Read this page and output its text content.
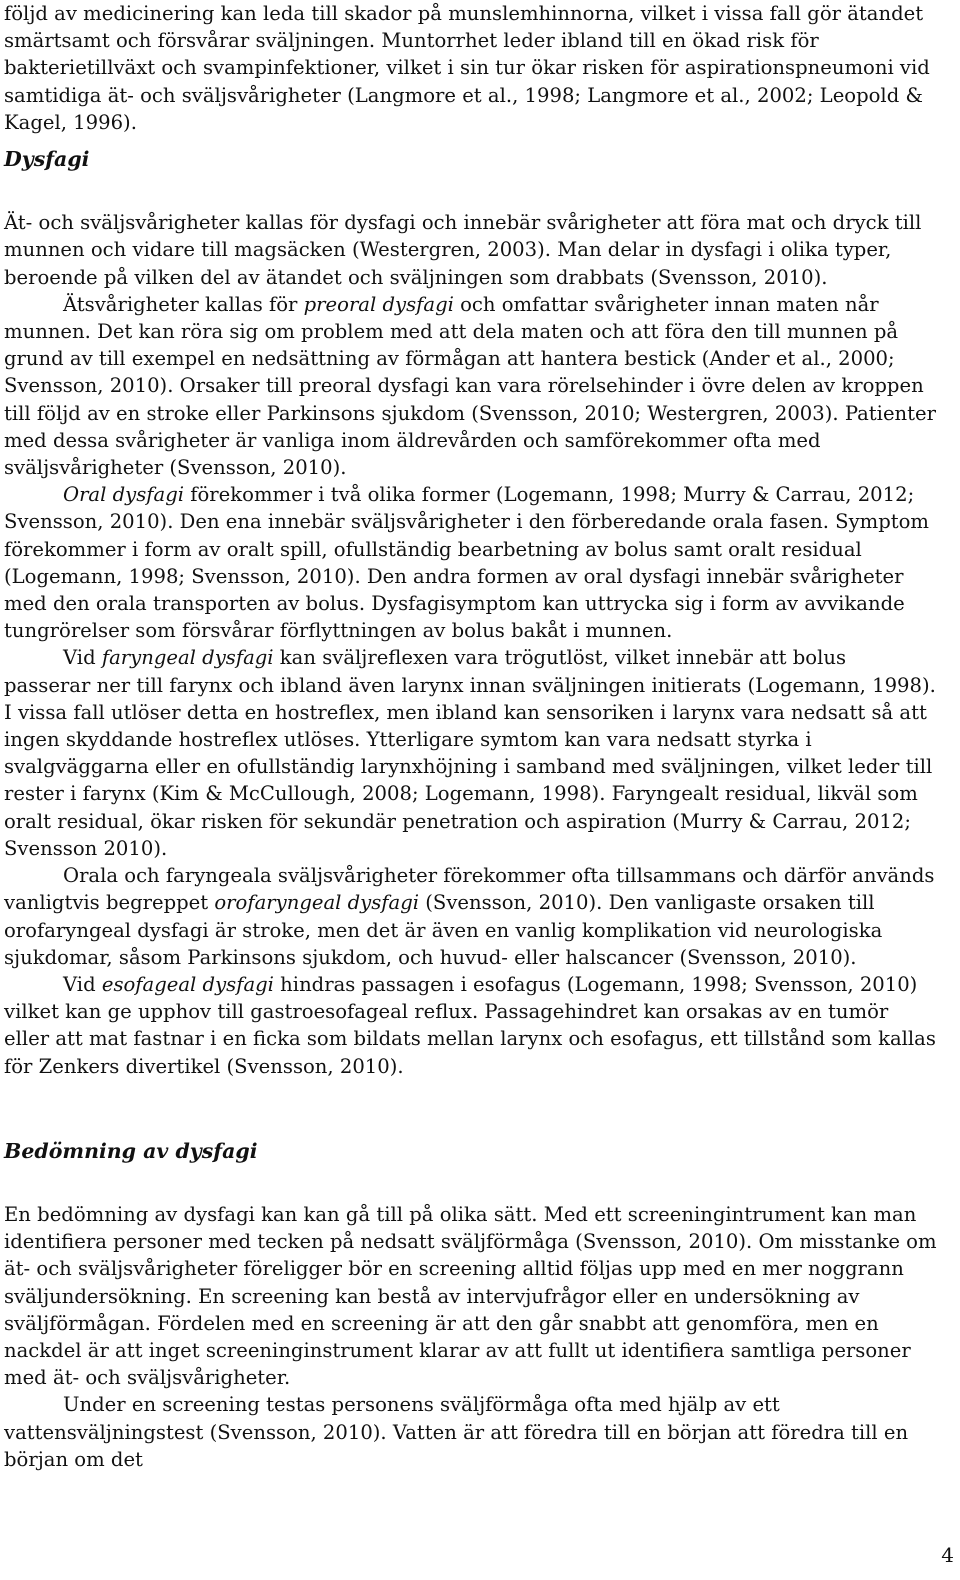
följd av medicinering kan leda till skador på munslemhinnorna, vilket i vissa fall gör ätandet smärtsamt och försvårar sväljningen. Muntorrhet leder ibland till en ökad risk för bakterietillväxt och svampinfektioner, vilket i sin tur ökar risken för aspirationspneumoni vid samtidiga ät- och sväljsvårigheter (Langmore et al., 1998; Langmore et al., 2002; Leopold & Kagel, 1996).

Dysfagi

Ät- och sväljsvårigheter kallas för dysfagi och innebär svårigheter att föra mat och dryck till munnen och vidare till magsäcken (Westergren, 2003). Man delar in dysfagi i olika typer, beroende på vilken del av ätandet och sväljningen som drabbats (Svensson, 2010).

Ätsvårigheter kallas för preoral dysfagi och omfattar svårigheter innan maten når munnen. Det kan röra sig om problem med att dela maten och att föra den till munnen på grund av till exempel en nedsättning av förmågan att hantera bestick (Ander et al., 2000; Svensson, 2010). Orsaker till preoral dysfagi kan vara rörelsehinder i övre delen av kroppen till följd av en stroke eller Parkinsons sjukdom (Svensson, 2010; Westergren, 2003). Patienter med dessa svårigheter är vanliga inom äldrevården och samförekommer ofta med sväljsvårigheter (Svensson, 2010).

Oral dysfagi förekommer i två olika former (Logemann, 1998; Murry & Carrau, 2012; Svensson, 2010). Den ena innebär sväljsvårigheter i den förberedande orala fasen. Symptom förekommer i form av oralt spill, ofullständig bearbetning av bolus samt oralt residual (Logemann, 1998; Svensson, 2010). Den andra formen av oral dysfagi innebär svårigheter med den orala transporten av bolus. Dysfagisymptom kan uttrycka sig i form av avvikande tungrörelser som försvårar förflyttningen av bolus bakåt i munnen.

Vid faryngeal dysfagi kan sväljreflexen vara trögutlöst, vilket innebär att bolus passerar ner till farynx och ibland även larynx innan sväljningen initierats (Logemann, 1998). I vissa fall utlöser detta en hostreflex, men ibland kan sensoriken i larynx vara nedsatt så att ingen skyddande hostreflex utlöses. Ytterligare symtom kan vara nedsatt styrka i svalgväggarna eller en ofullständig larynxhöjning i samband med sväljningen, vilket leder till rester i farynx (Kim & McCullough, 2008; Logemann, 1998). Faryngealt residual, likväl som oralt residual, ökar risken för sekundär penetration och aspiration (Murry & Carrau, 2012; Svensson 2010).

Orala och faryngeala sväljsvårigheter förekommer ofta tillsammans och därför används vanligtvis begreppet orofaryngeal dysfagi (Svensson, 2010). Den vanligaste orsaken till orofaryngeal dysfagi är stroke, men det är även en vanlig komplikation vid neurologiska sjukdomar, såsom Parkinsons sjukdom, och huvud- eller halscancer (Svensson, 2010).

Vid esofageal dysfagi hindras passagen i esofagus (Logemann, 1998; Svensson, 2010) vilket kan ge upphov till gastroesofageal reflux. Passagehindret kan orsakas av en tumör eller att mat fastnar i en ficka som bildats mellan larynx och esofagus, ett tillstånd som kallas för Zenkers divertikel (Svensson, 2010).

Bedömning av dysfagi

En bedömning av dysfagi kan kan gå till på olika sätt. Med ett screeningintrument kan man identifiera personer med tecken på nedsatt sväljförmåga (Svensson, 2010). Om misstanke om ät- och sväljsvårigheter föreligger bör en screening alltid följas upp med en mer noggrann sväljundersökning. En screening kan bestå av intervjufrågor eller en undersökning av sväljförmågan. Fördelen med en screening är att den går snabbt att genomföra, men en nackdel är att inget screeninginstrument klarar av att fullt ut identifiera samtliga personer med ät- och sväljsvårigheter.

Under en screening testas personens sväljförmåga ofta med hjälp av ett vattensväljningstest (Svensson, 2010). Vatten är att föredra till en början att föredra till en början om det

4
